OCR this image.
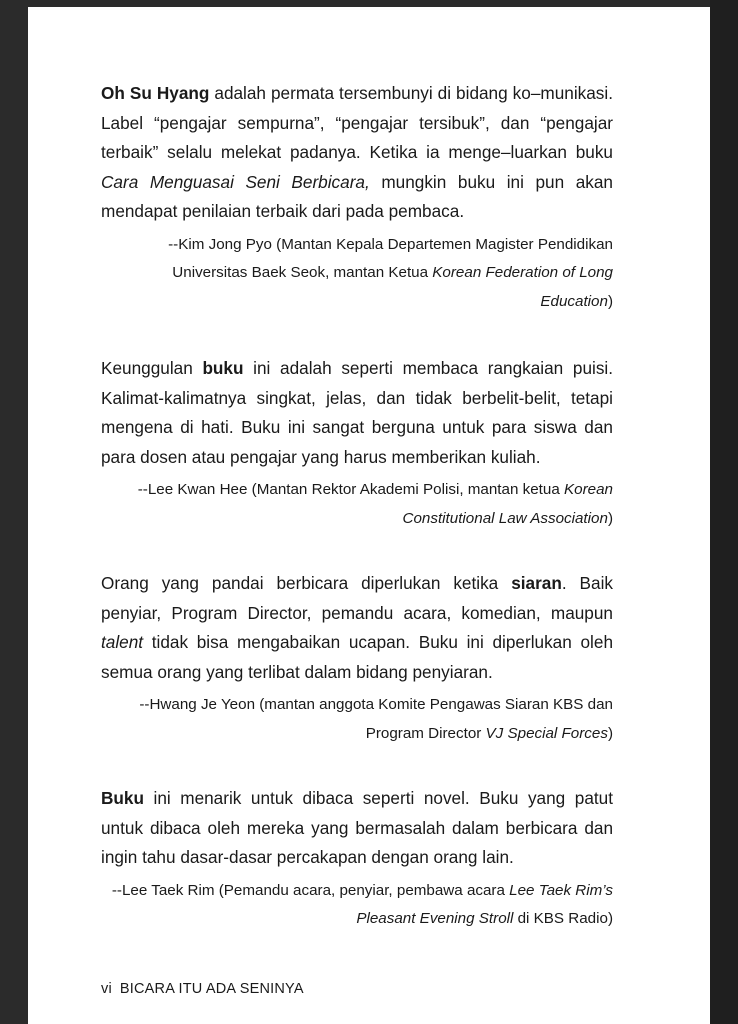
Oh Su Hyang adalah permata tersembunyi di bidang ko–munikasi. Label “pengajar sempurna”, “pengajar tersibuk”, dan “pengajar terbaik” selalu melekat padanya. Ketika ia menge–luarkan buku Cara Menguasai Seni Berbicara, mungkin buku ini pun akan mendapat penilaian terbaik dari pada pembaca.

--Kim Jong Pyo (Mantan Kepala Departemen Magister Pendidikan Universitas Baek Seok, mantan Ketua Korean Federation of Long Education)

Keunggulan buku ini adalah seperti membaca rangkaian puisi. Kalimat-kalimatnya singkat, jelas, dan tidak berbelit-belit, tetapi mengena di hati. Buku ini sangat berguna untuk para siswa dan para dosen atau pengajar yang harus memberikan kuliah.

--Lee Kwan Hee (Mantan Rektor Akademi Polisi, mantan ketua Korean Constitutional Law Association)

Orang yang pandai berbicara diperlukan ketika siaran. Baik penyiar, Program Director, pemandu acara, komedian, maupun talent tidak bisa mengabaikan ucapan. Buku ini diperlukan oleh semua orang yang terlibat dalam bidang penyiaran.

--Hwang Je Yeon (mantan anggota Komite Pengawas Siaran KBS dan Program Director VJ Special Forces)

Buku ini menarik untuk dibaca seperti novel. Buku yang patut untuk dibaca oleh mereka yang bermasalah dalam berbicara dan ingin tahu dasar-dasar percakapan dengan orang lain.

--Lee Taek Rim (Pemandu acara, penyiar, pembawa acara Lee Taek Rim’s Pleasant Evening Stroll di KBS Radio)

vi BICARA ITU ADA SENINYA
